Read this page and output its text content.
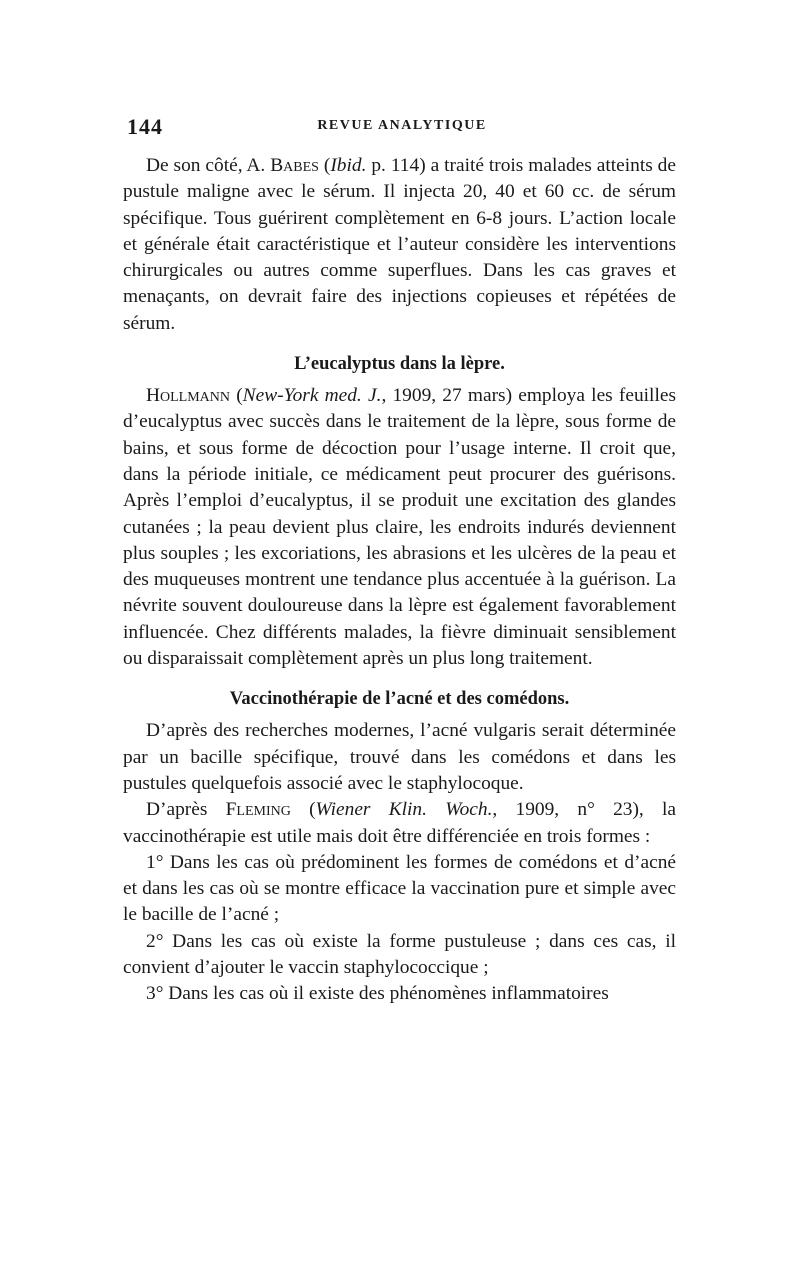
144	REVUE ANALYTIQUE

De son côté, A. Babes (Ibid. p. 114) a traité trois malades atteints de pustule maligne avec le sérum. Il injecta 20, 40 et 60 cc. de sérum spécifique. Tous guérirent complètement en 6-8 jours. L’action locale et générale était caractéristique et l’auteur considère les interventions chirurgicales ou autres comme superflues. Dans les cas graves et menaçants, on devrait faire des injections copieuses et répétées de sérum.

L’eucalyptus dans la lèpre.

Hollmann (New-York med. J., 1909, 27 mars) employa les feuilles d’eucalyptus avec succès dans le traitement de la lèpre, sous forme de bains, et sous forme de décoction pour l’usage interne. Il croit que, dans la période initiale, ce médicament peut procurer des guérisons. Après l’emploi d’eucalyptus, il se produit une excitation des glandes cutanées ; la peau devient plus claire, les endroits indurés deviennent plus souples ; les excoriations, les abrasions et les ulcères de la peau et des muqueuses montrent une tendance plus accentuée à la guérison. La névrite souvent douloureuse dans la lèpre est également favorablement influencée. Chez différents malades, la fièvre diminuait sensiblement ou disparaissait complètement après un plus long traitement.

Vaccinothérapie de l’acné et des comédons.

D’après des recherches modernes, l’acné vulgaris serait déterminée par un bacille spécifique, trouvé dans les comédons et dans les pustules quelquefois associé avec le staphylocoque.

D’après Fleming (Wiener Klin. Woch., 1909, n° 23), la vaccinothérapie est utile mais doit être différenciée en trois formes :

1° Dans les cas où prédominent les formes de comédons et d’acné et dans les cas où se montre efficace la vaccination pure et simple avec le bacille de l’acné ;

2° Dans les cas où existe la forme pustuleuse ; dans ces cas, il convient d’ajouter le vaccin staphylococcique ;

3° Dans les cas où il existe des phénomènes inflammatoires
